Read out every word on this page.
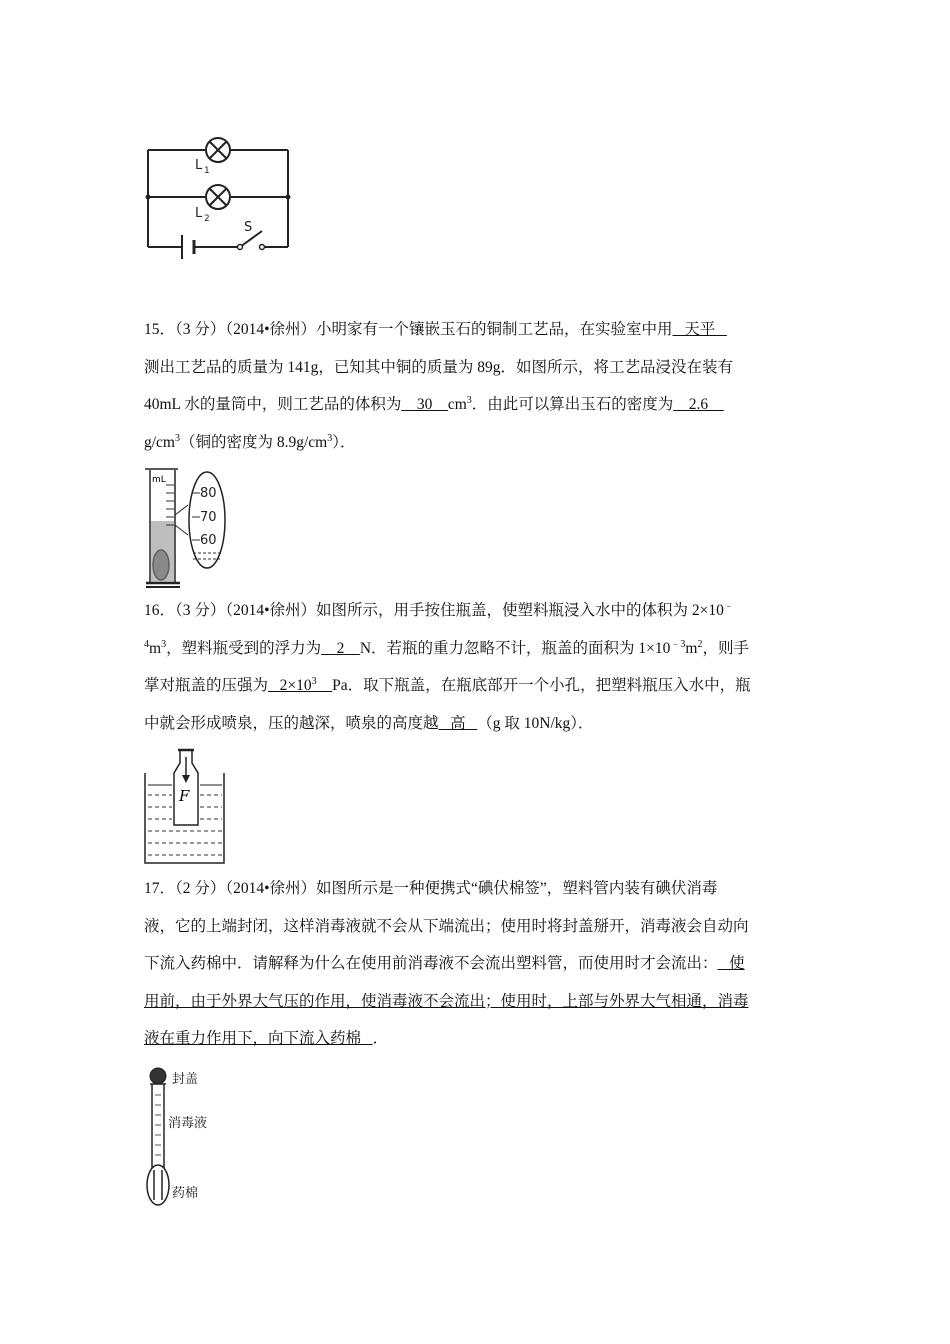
L 1
L 2
S
15．（3 分）（2014•徐州）小明家有一个镶嵌玉石的铜制工艺品，在实验室中用   天平
测出工艺品的质量为 141g，已知其中铜的质量为 89g．如图所示，将工艺品浸没在装有
40mL 水的量筒中，则工艺品的体积为    30    $cm^3$．由此可以算出玉石的密度为    2.6
$g/cm^3$（铜的密度为 $8.9g/cm^3$）．
mL
80
70
60
16．（3 分）（2014•徐州）如图所示，用手按住瓶盖，使塑料瓶浸入水中的体积为 2×10﹣
$^4m^3$，塑料瓶受到的浮力为    2    N．若瓶的重力忽略不计，瓶盖的面积为 $1\times 10^{﹣3}m^2$，则手
掌对瓶盖的压强为   $2\times 10^3$ Pa．取下瓶盖，在瓶底部开一个小孔，把塑料瓶压入水中，瓶
中就会形成喷泉，压的越深，喷泉的高度越   高   （g 取 10N/kg）．
F
17．（2 分）（2014•徐州）如图所示是一种便携式“碘伏棉签”，塑料管内装有碘伏消毒
液，它的上端封闭，这样消毒液就不会从下端流出；使用时将封盖掰开，消毒液会自动向
下流入药棉中．请解释为什么在使用前消毒液不会流出塑料管，而使用时才会流出：   使
用前，由于外界大气压的作用，使消毒液不会流出；使用时，上部与外界大气相通，消毒
液在重力作用下，向下流入药棉   ．
封盖
消毒液
药棉
